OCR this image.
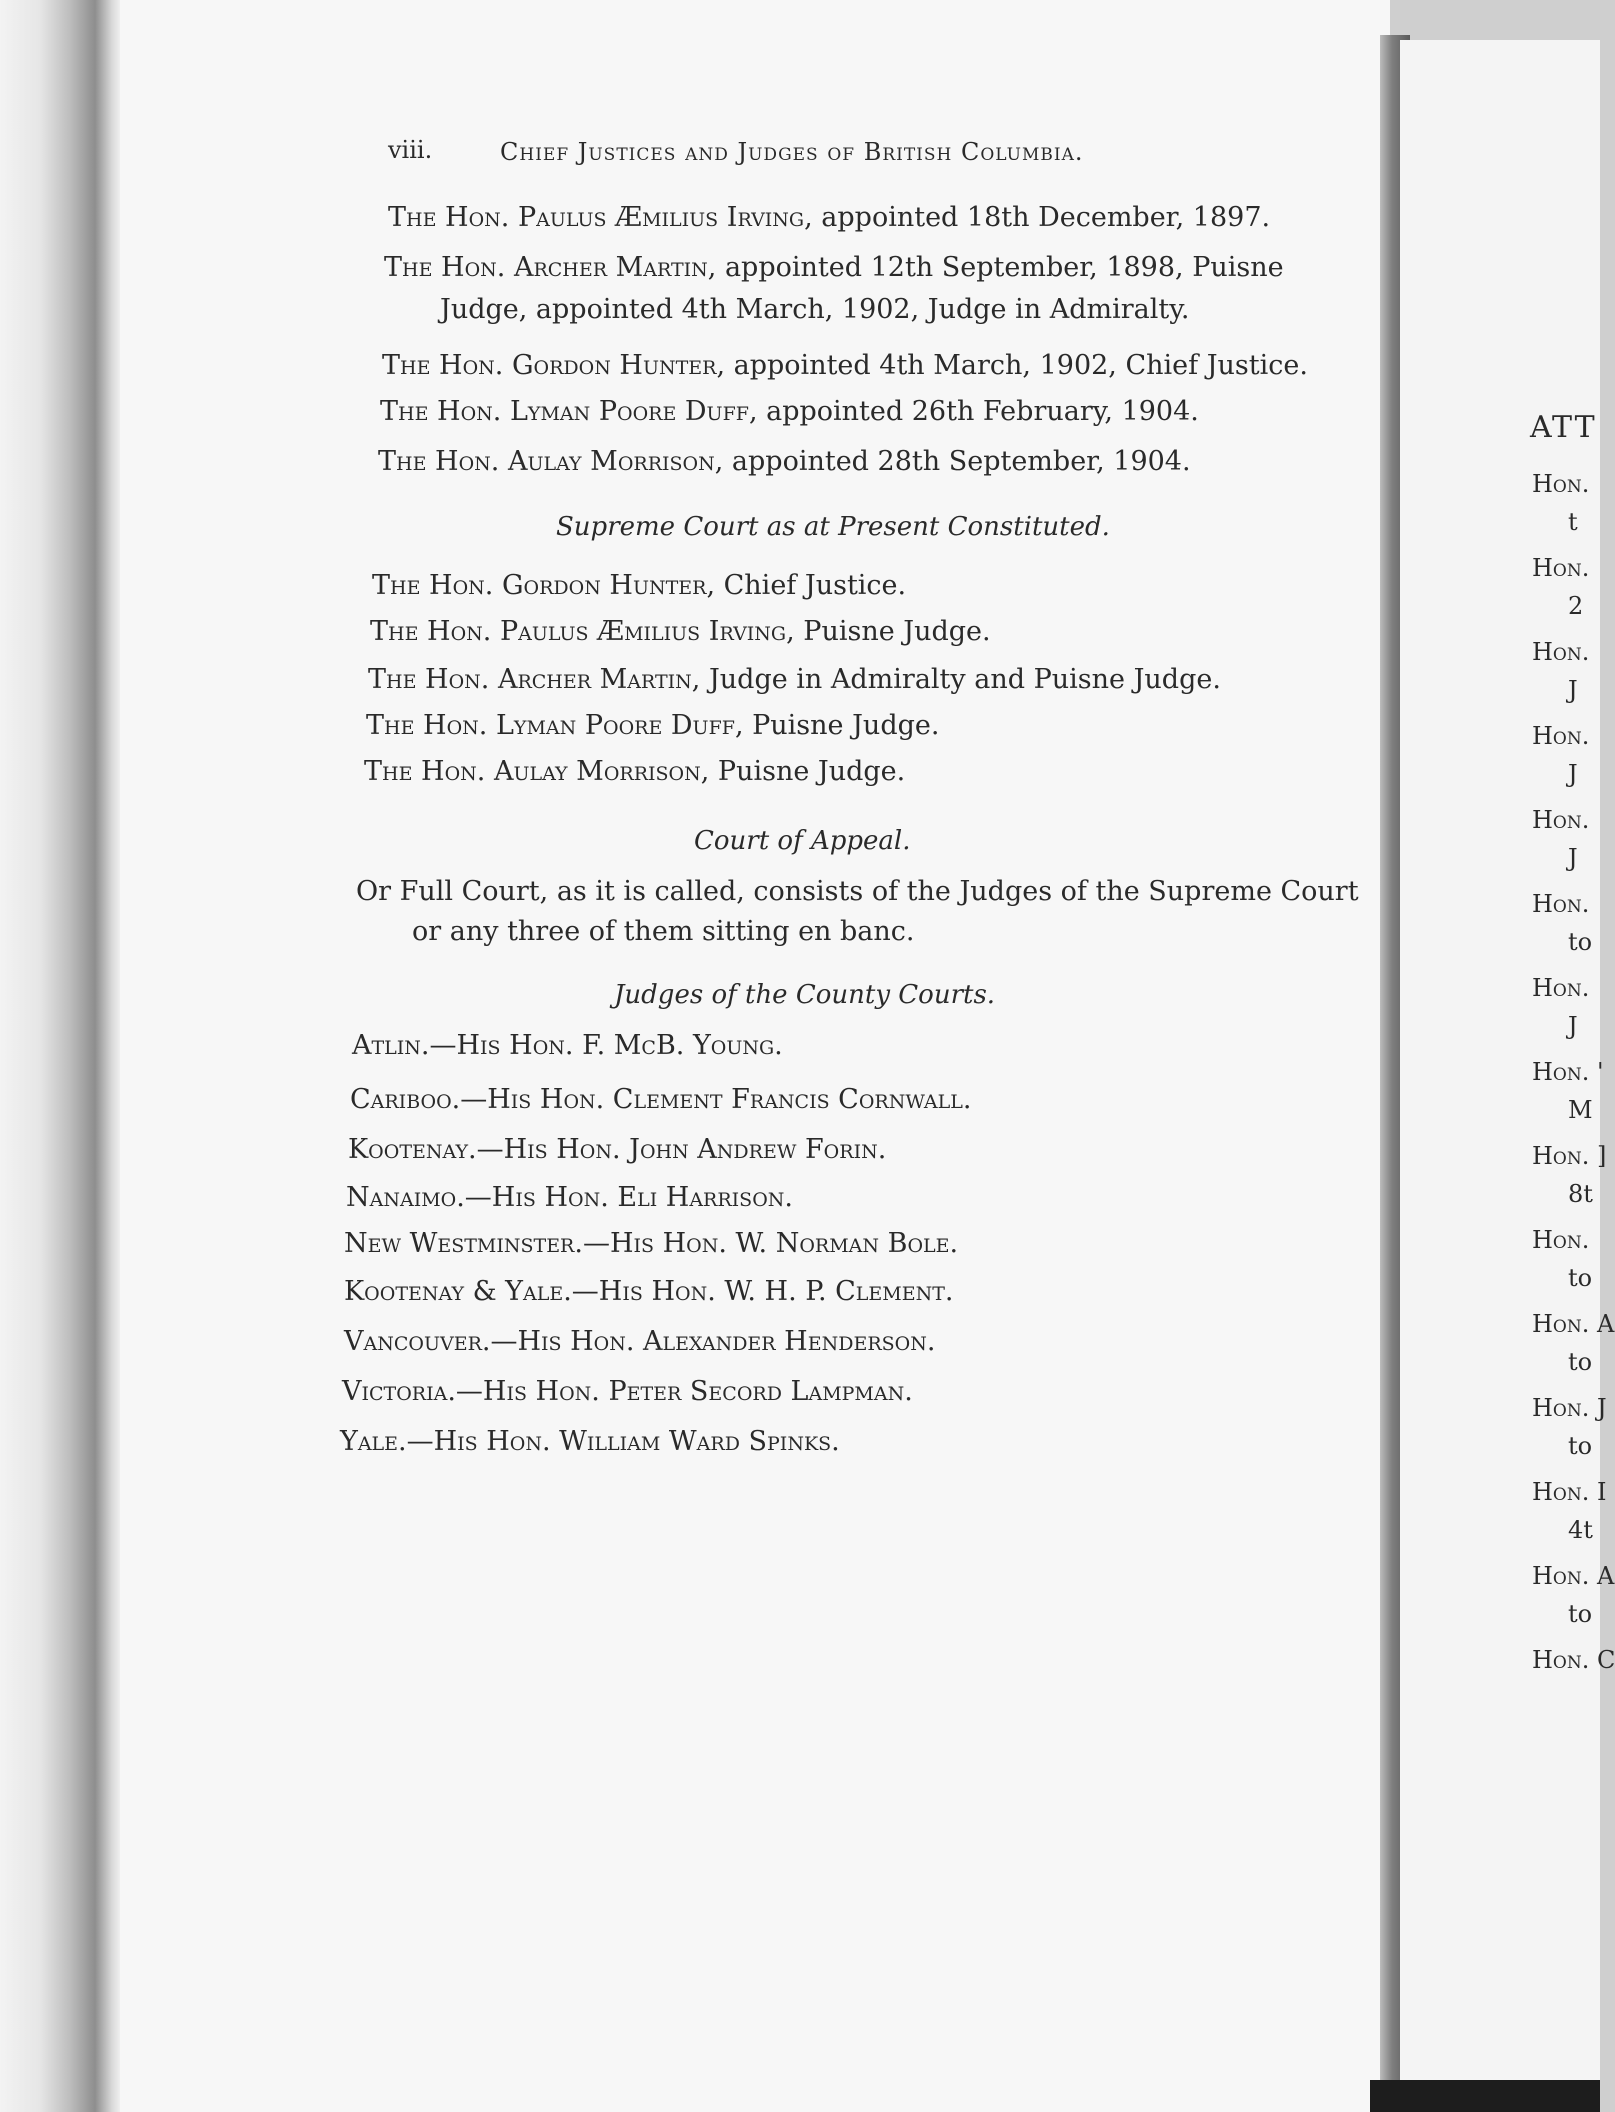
ATT
Hon.
t
Hon.
2
Hon.
J
Hon.
J
Hon.
J
Hon.
to
Hon.
J
Hon. '
M
Hon. ]
8t
Hon.
to
Hon. A
to
Hon. J
to
Hon. I
4t
Hon. A
to
Hon. C
viii.	Chief Justices and Judges of British Columbia.
The Hon. Paulus Æmilius Irving, appointed 18th December, 1897.
The Hon. Archer Martin, appointed 12th September, 1898, Puisne
Judge, appointed 4th March, 1902, Judge in Admiralty.
The Hon. Gordon Hunter, appointed 4th March, 1902, Chief Justice.
The Hon. Lyman Poore Duff, appointed 26th February, 1904.
The Hon. Aulay Morrison, appointed 28th September, 1904.
Supreme Court as at Present Constituted.
The Hon. Gordon Hunter, Chief Justice.
The Hon. Paulus Æmilius Irving, Puisne Judge.
The Hon. Archer Martin, Judge in Admiralty and Puisne Judge.
The Hon. Lyman Poore Duff, Puisne Judge.
The Hon. Aulay Morrison, Puisne Judge.
Court of Appeal.
Or Full Court, as it is called, consists of the Judges of the Supreme Court
or any three of them sitting en banc.
Judges of the County Courts.
Atlin.—His Hon. F. McB. Young.
Cariboo.—His Hon. Clement Francis Cornwall.
Kootenay.—His Hon. John Andrew Forin.
Nanaimo.—His Hon. Eli Harrison.
New Westminster.—His Hon. W. Norman Bole.
Kootenay & Yale.—His Hon. W. H. P. Clement.
Vancouver.—His Hon. Alexander Henderson.
Victoria.—His Hon. Peter Secord Lampman.
Yale.—His Hon. William Ward Spinks.
